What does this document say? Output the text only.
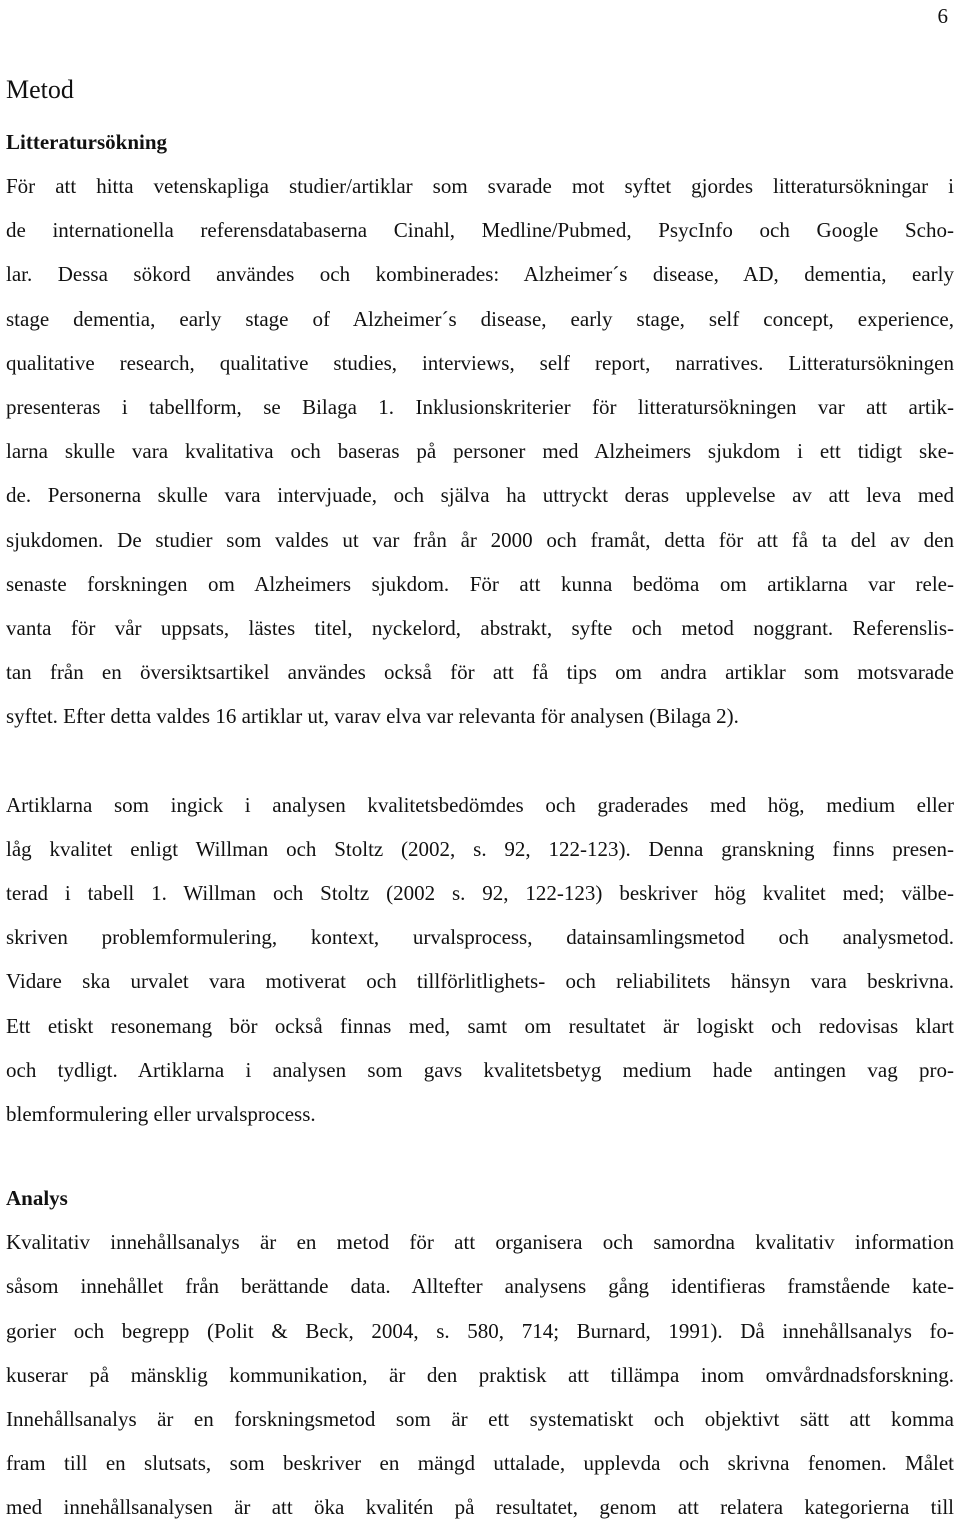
6
Metod
Litteratursökning

För att hitta vetenskapliga studier/artiklar som svarade mot syftet gjordes litteratursökningar i
de internationella referensdatabaserna Cinahl, Medline/Pubmed, PsycInfo och Google Scho-
lar. Dessa sökord användes och kombinerades: Alzheimer´s disease, AD, dementia, early
stage dementia, early stage of Alzheimer´s disease, early stage, self concept, experience,
qualitative research, qualitative studies, interviews, self report, narratives. Litteratursökningen
presenteras i tabellform, se Bilaga 1. Inklusionskriterier för litteratursökningen var att artik-
larna skulle vara kvalitativa och baseras på personer med Alzheimers sjukdom i ett tidigt ske-
de. Personerna skulle vara intervjuade, och själva ha uttryckt deras upplevelse av att leva med
sjukdomen. De studier som valdes ut var från år 2000 och framåt, detta för att få ta del av den
senaste forskningen om Alzheimers sjukdom. För att kunna bedöma om artiklarna var rele-
vanta för vår uppsats, lästes titel, nyckelord, abstrakt, syfte och metod noggrant. Referenslis-
tan från en översiktsartikel användes också för att få tips om andra artiklar som motsvarade
syftet. Efter detta valdes 16 artiklar ut, varav elva var relevanta för analysen (Bilaga 2).

Artiklarna som ingick i analysen kvalitetsbedömdes och graderades med hög, medium eller
låg kvalitet enligt Willman och Stoltz (2002, s. 92, 122-123). Denna granskning finns presen-
terad i tabell 1. Willman och Stoltz (2002 s. 92, 122-123) beskriver hög kvalitet med; välbe-
skriven problemformulering, kontext, urvalsprocess, datainsamlingsmetod och analysmetod.
Vidare ska urvalet vara motiverat och tillförlitlighets- och reliabilitets hänsyn vara beskrivna.
Ett etiskt resonemang bör också finnas med, samt om resultatet är logiskt och redovisas klart
och tydligt. Artiklarna i analysen som gavs kvalitetsbetyg medium hade antingen vag pro-
blemformulering eller urvalsprocess.

Analys

Kvalitativ innehållsanalys är en metod för att organisera och samordna kvalitativ information
såsom innehållet från berättande data. Alltefter analysens gång identifieras framstående kate-
gorier och begrepp (Polit & Beck, 2004, s. 580, 714; Burnard, 1991). Då innehållsanalys fo-
kuserar på mänsklig kommunikation, är den praktisk att tillämpa inom omvårdnadsforskning.
Innehållsanalys är en forskningsmetod som är ett systematiskt och objektivt sätt att komma
fram till en slutsats, som beskriver en mängd uttalade, upplevda och skrivna fenomen. Målet
med innehållsanalysen är att öka kvalitén på resultatet, genom att relatera kategorierna till
